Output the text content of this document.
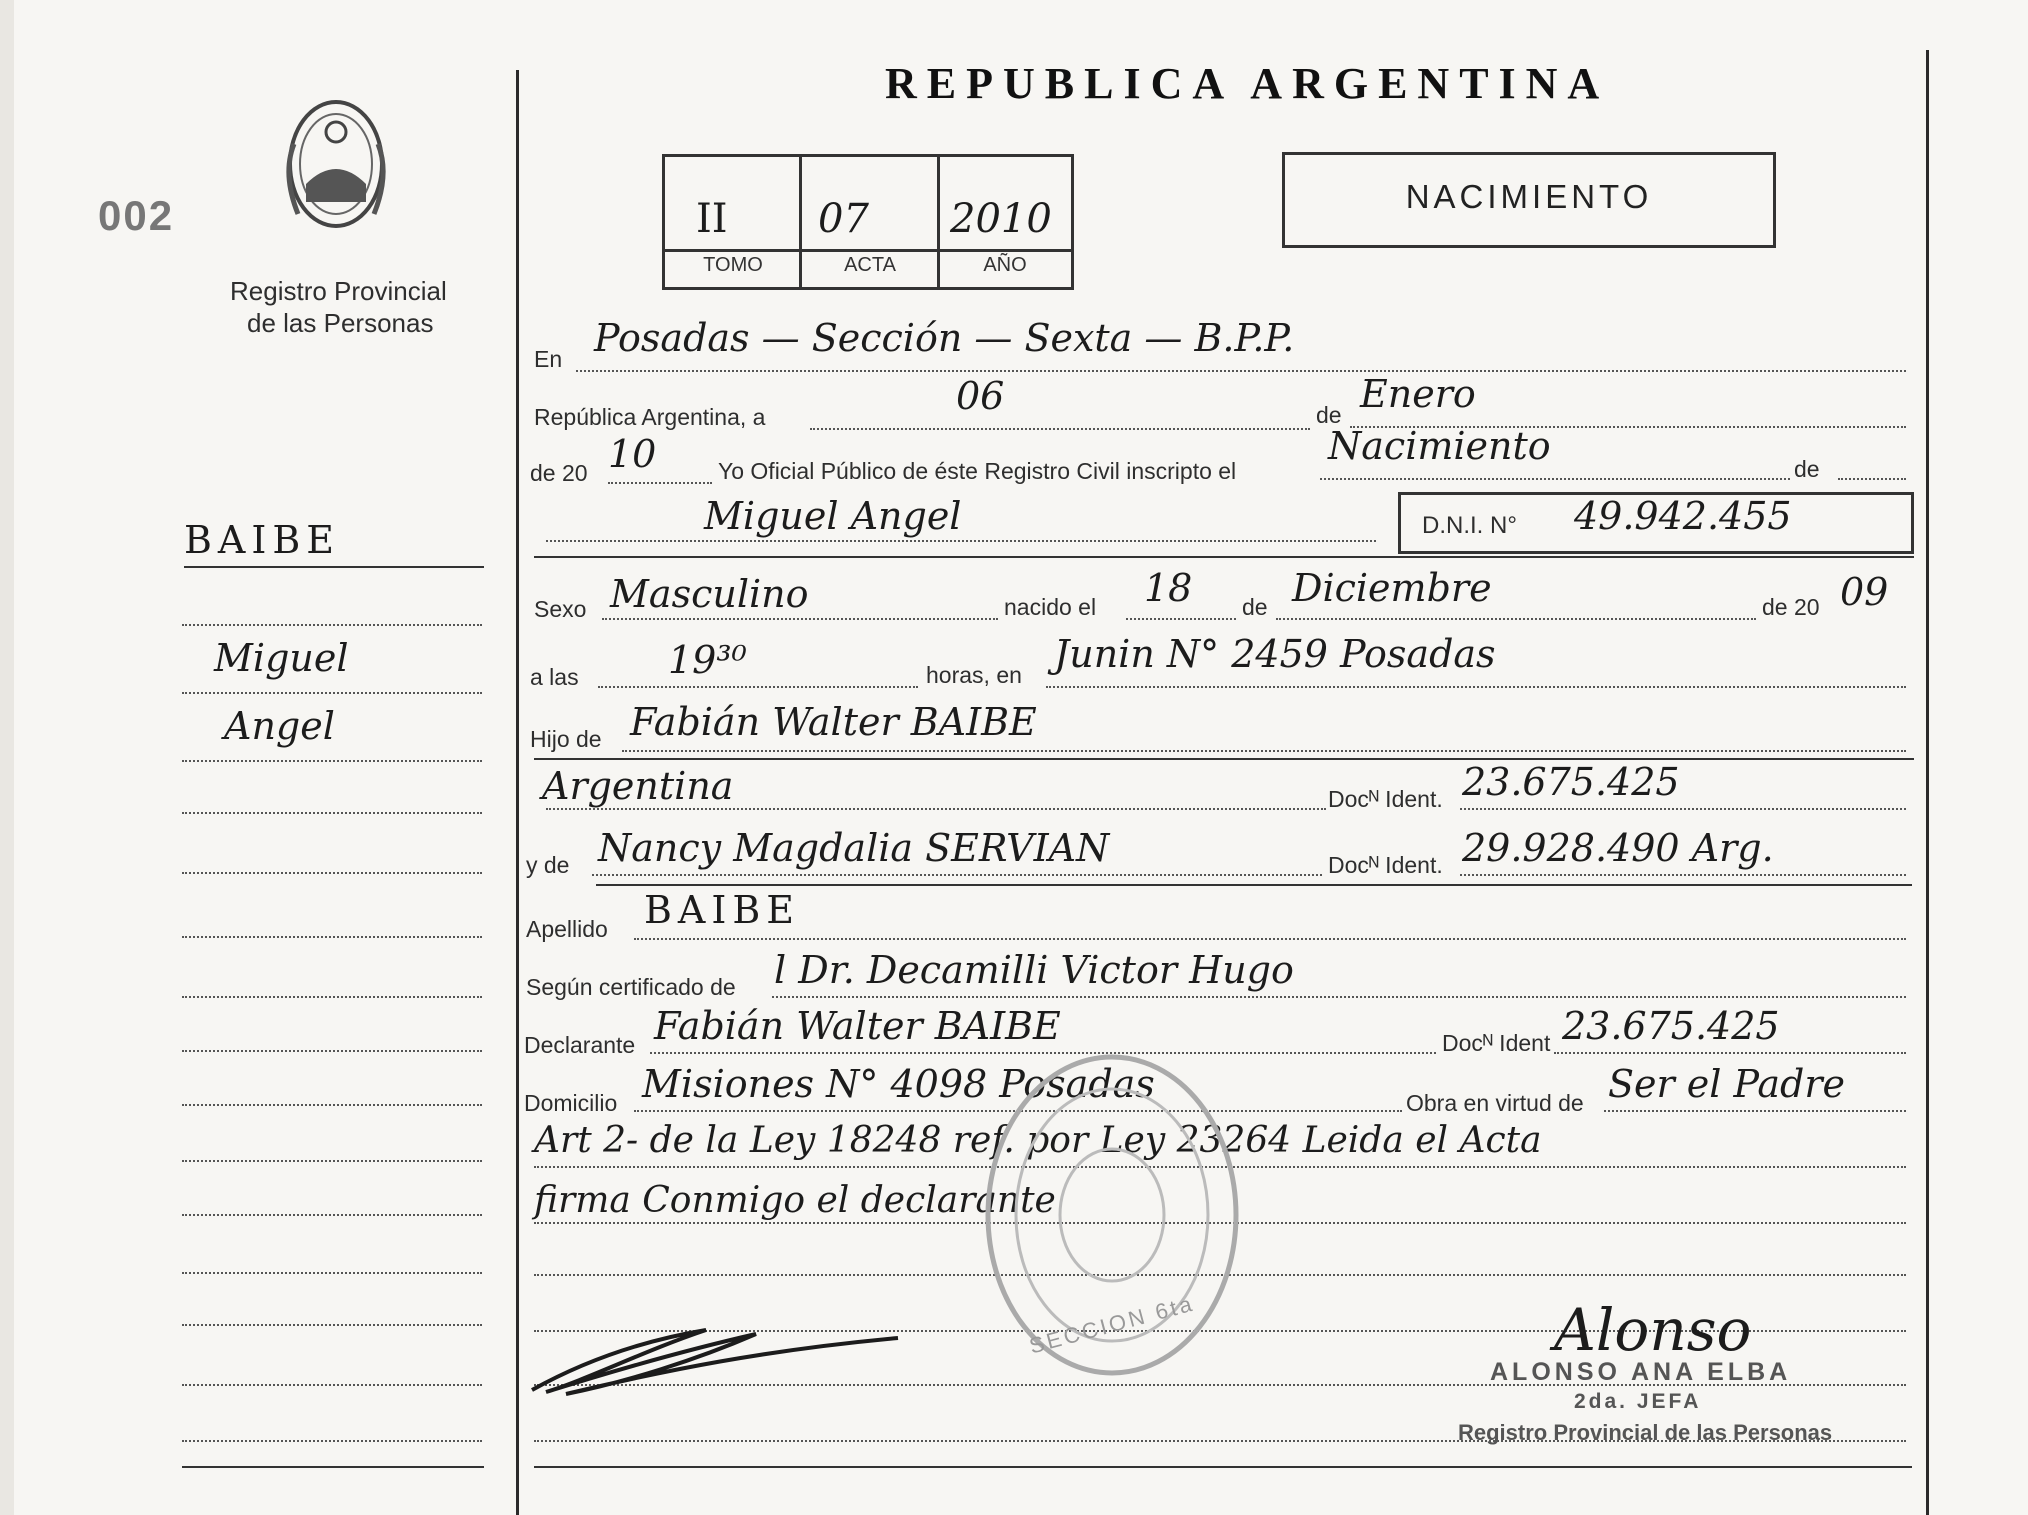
002
Registro Provincial
de las Personas
BAIBE
Miguel
Angel
REPUBLICA ARGENTINA
II 07 2010
TOMO	ACTA	AÑO
NACIMIENTO
En Posadas — Sección — Sexta — B.P.P.
República Argentina, a	06	de Enero
de 20 10	Yo Oficial Público de éste Registro Civil inscripto el
Nacimiento
de
Miguel Angel	D.N.I. N° 49.942.455
Sexo Masculino	nacido el 18 de Diciembre	de 20 09
a las 19³⁰	horas, en Junin N° 2459 Posadas
Hijo de Fabián Walter BAIBE
Argentina	Docᴺ Ident. 23.675.425
y de Nancy Magdalia SERVIAN	Docᴺ Ident. 29.928.490 Arg.
Apellido BAIBE
Según certificado de l Dr. Decamilli Victor Hugo
Declarante Fabián Walter BAIBE	Docᴺ Ident 23.675.425
Domicilio Misiones N° 4098 Posadas	Obra en virtud de Ser el Padre
Art 2- de la Ley 18248 ref. por Ley 23264 Leida el Acta
firma Conmigo el declarante
SECCION 6ta	Alonso
ALONSO ANA ELBA
2da. JEFA
Registro Provincial de las Personas
